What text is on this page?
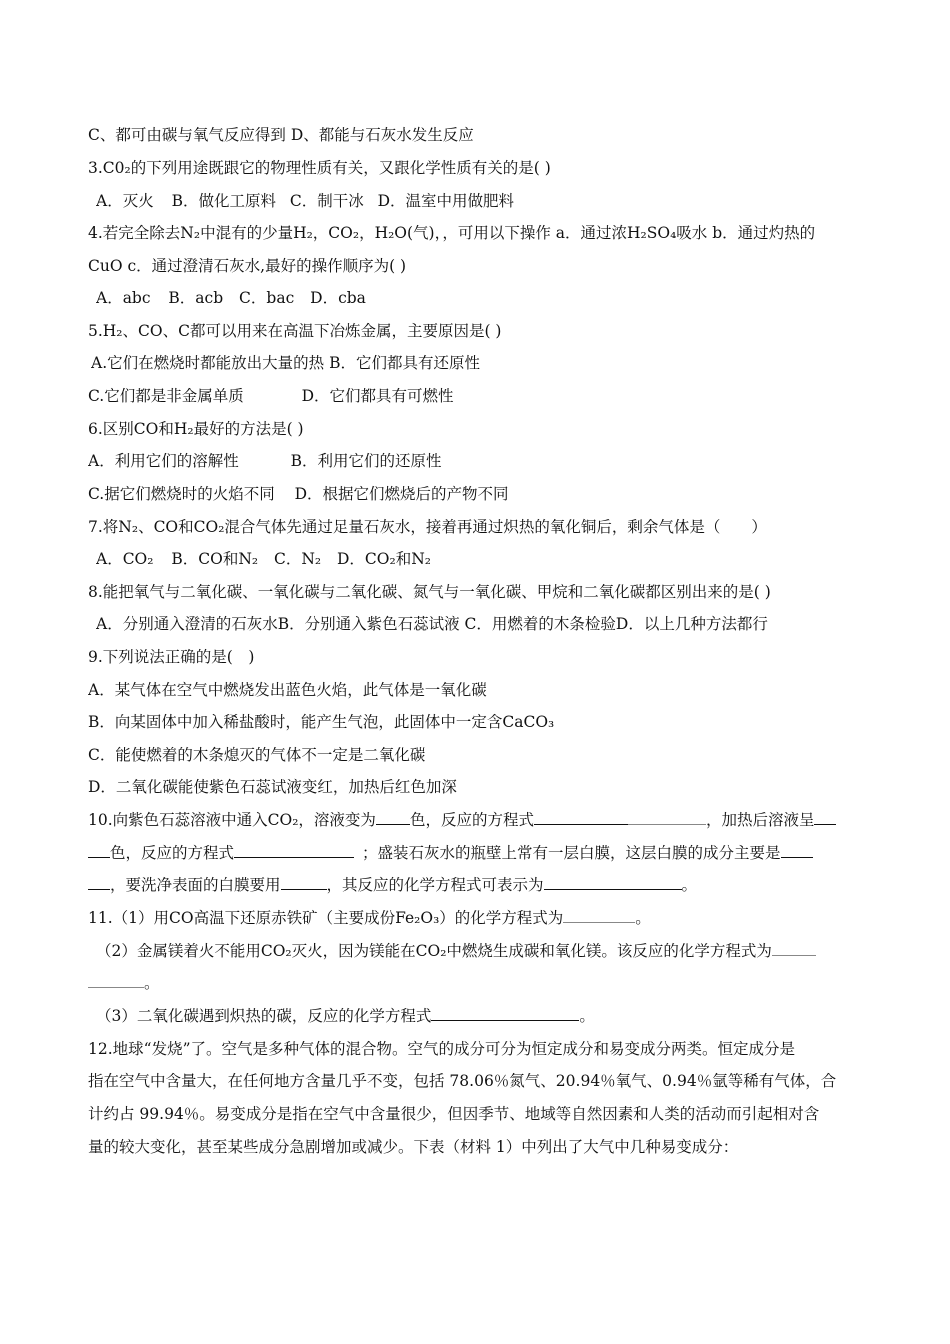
C、都可由碳与氧气反应得到 D、都能与石灰水发生反应
3.C0₂的下列用途既跟它的物理性质有关，又跟化学性质有关的是( )
A．灭火 B．做化工原料 C．制干冰 D．温室中用做肥料
4.若完全除去N₂中混有的少量H₂，CO₂，H₂O(气)，，可用以下操作 a．通过浓H₂SO₄吸水 b．通过灼热的
CuO c．通过澄清石灰水,最好的操作顺序为( )
A．abc B．acb C．bac D．cba
5.H₂、CO、C都可以用来在高温下冶炼金属，主要原因是( )
A.它们在燃烧时都能放出大量的热 B．它们都具有还原性
C.它们都是非金属单质	D．它们都具有可燃性
6.区别CO和H₂最好的方法是( )
A．利用它们的溶解性	B．利用它们的还原性
C.据它们燃烧时的火焰不同 D．根据它们燃烧后的产物不同
7.将N₂、CO和CO₂混合气体先通过足量石灰水，接着再通过炽热的氧化铜后，剩余气体是（　　）
A．CO₂ B．CO和N₂ C．N₂ D．CO₂和N₂
8.能把氧气与二氧化碳、一氧化碳与二氧化碳、氮气与一氧化碳、甲烷和二氧化碳都区别出来的是( )
A．分别通入澄清的石灰水B．分别通入紫色石蕊试液 C．用燃着的木条检验D．以上几种方法都行
9.下列说法正确的是(　)
A．某气体在空气中燃烧发出蓝色火焰，此气体是一氧化碳
B．向某固体中加入稀盐酸时，能产生气泡，此固体中一定含CaCO₃
C．能使燃着的木条熄灭的气体不一定是二氧化碳
D．二氧化碳能使紫色石蕊试液变红，加热后红色加深
10.向紫色石蕊溶液中通入CO₂，溶液变为 色，反应的方程式	，加热后溶液呈
色，反应的方程式	；盛装石灰水的瓶壁上常有一层白膜，这层白膜的成分主要是
，要洗净表面的白膜要用	，其反应的化学方程式可表示为	。
11.（1）用CO高温下还原赤铁矿（主要成份Fe₂O₃）的化学方程式为	。
（2）金属镁着火不能用CO₂灭火，因为镁能在CO₂中燃烧生成碳和氧化镁。该反应的化学方程式为
。
（3）二氧化碳遇到炽热的碳，反应的化学方程式	。
12.地球“发烧”了。空气是多种气体的混合物。空气的成分可分为恒定成分和易变成分两类。恒定成分是
指在空气中含量大，在任何地方含量几乎不变，包括 78.06％氮气、20.94％氧气、0.94％氩等稀有气体，合
计约占 99.94％。易变成分是指在空气中含量很少，但因季节、地域等自然因素和人类的活动而引起相对含
量的较大变化，甚至某些成分急剧增加或减少。下表（材料 1）中列出了大气中几种易变成分：
